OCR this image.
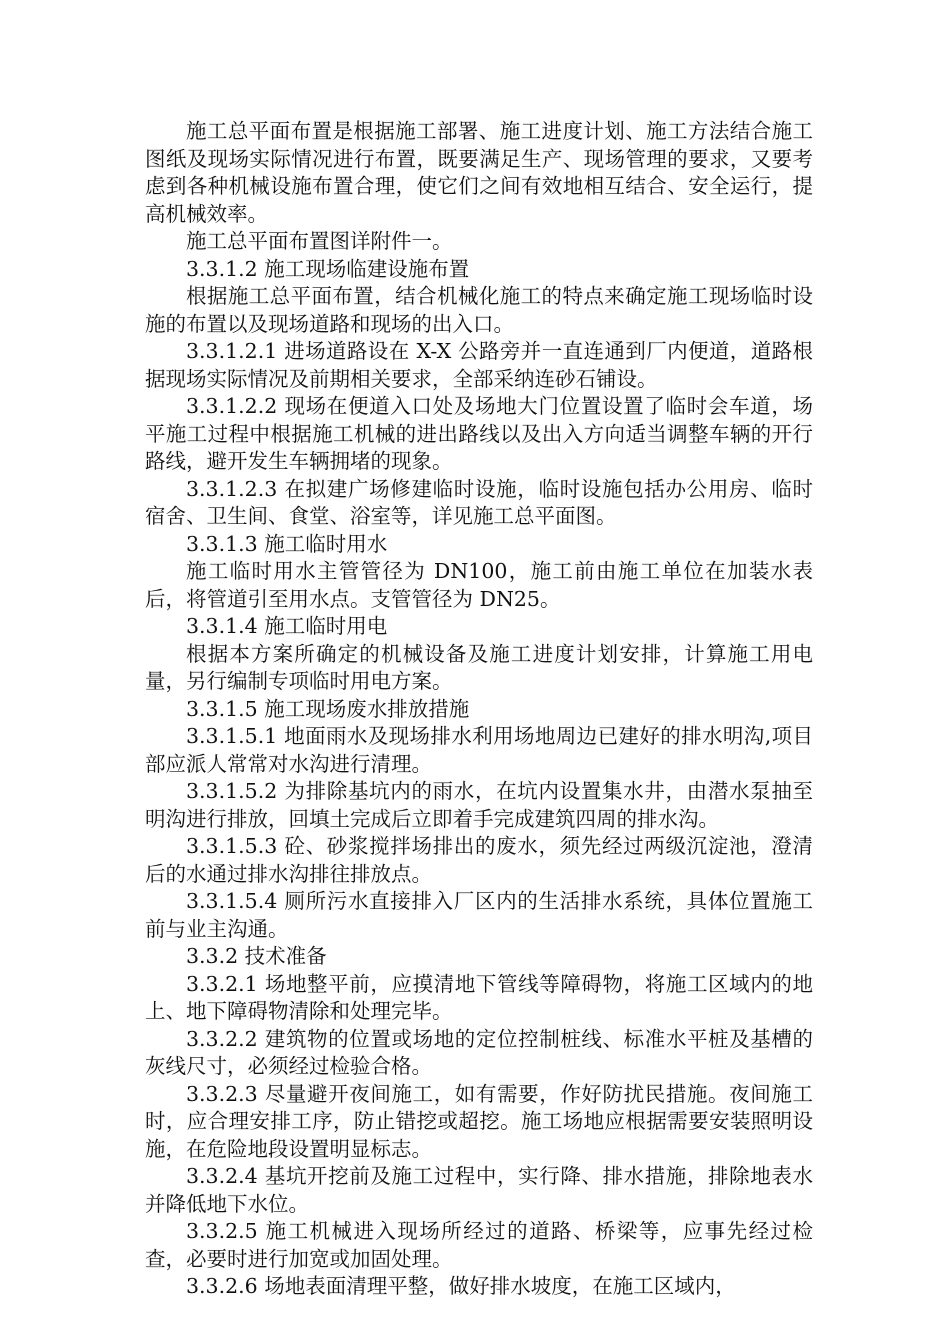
施工总平面布置是根据施工部署、施工进度计划、施工方法结合施工图纸及现场实际情况进行布置，既要满足生产、现场管理的要求，又要考虑到各种机械设施布置合理，使它们之间有效地相互结合、安全运行，提高机械效率。

施工总平面布置图详附件一。

3.3.1.2 施工现场临建设施布置

根据施工总平面布置，结合机械化施工的特点来确定施工现场临时设施的布置以及现场道路和现场的出入口。

3.3.1.2.1 进场道路设在 X-X 公路旁并一直连通到厂内便道，道路根据现场实际情况及前期相关要求，全部采纳连砂石铺设。

3.3.1.2.2 现场在便道入口处及场地大门位置设置了临时会车道，场平施工过程中根据施工机械的进出路线以及出入方向适当调整车辆的开行路线，避开发生车辆拥堵的现象。

3.3.1.2.3 在拟建广场修建临时设施，临时设施包括办公用房、临时宿舍、卫生间、食堂、浴室等，详见施工总平面图。

3.3.1.3 施工临时用水

施工临时用水主管管径为 DN100，施工前由施工单位在加装水表后，将管道引至用水点。支管管径为 DN25。

3.3.1.4 施工临时用电

根据本方案所确定的机械设备及施工进度计划安排，计算施工用电量，另行编制专项临时用电方案。

3.3.1.5 施工现场废水排放措施

3.3.1.5.1 地面雨水及现场排水利用场地周边已建好的排水明沟,项目部应派人常常对水沟进行清理。

3.3.1.5.2 为排除基坑内的雨水，在坑内设置集水井，由潜水泵抽至明沟进行排放，回填土完成后立即着手完成建筑四周的排水沟。

3.3.1.5.3 砼、砂浆搅拌场排出的废水，须先经过两级沉淀池，澄清后的水通过排水沟排往排放点。

3.3.1.5.4 厕所污水直接排入厂区内的生活排水系统，具体位置施工前与业主沟通。

3.3.2 技术准备

3.3.2.1 场地整平前，应摸清地下管线等障碍物，将施工区域内的地上、地下障碍物清除和处理完毕。

3.3.2.2 建筑物的位置或场地的定位控制桩线、标准水平桩及基槽的灰线尺寸，必须经过检验合格。

3.3.2.3 尽量避开夜间施工，如有需要，作好防扰民措施。夜间施工时，应合理安排工序，防止错挖或超挖。施工场地应根据需要安装照明设施，在危险地段设置明显标志。

3.3.2.4 基坑开挖前及施工过程中，实行降、排水措施，排除地表水并降低地下水位。

3.3.2.5 施工机械进入现场所经过的道路、桥梁等，应事先经过检查，必要时进行加宽或加固处理。

3.3.2.6 场地表面清理平整，做好排水坡度，在施工区域内，
